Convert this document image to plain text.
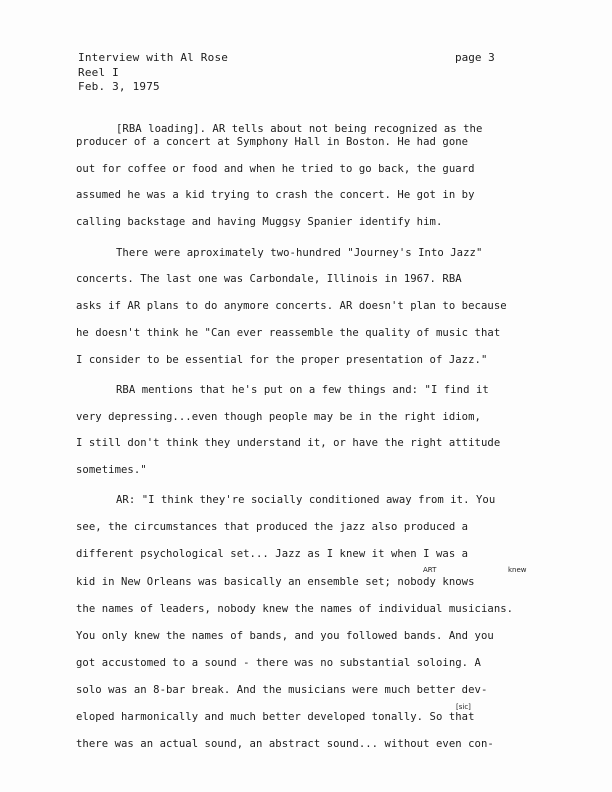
Interview with Al Rose
Reel I
Feb. 3, 1975
page 3
[RBA loading]. AR tells about not being recognized as the
producer of a concert at Symphony Hall in Boston. He had gone
out for coffee or food and when he tried to go back, the guard
assumed he was a kid trying to crash the concert. He got in by
calling backstage and having Muggsy Spanier identify him.
There were aproximately two-hundred "Journey's Into Jazz"
concerts. The last one was Carbondale, Illinois in 1967. RBA
asks if AR plans to do anymore concerts. AR doesn't plan to because
he doesn't think he "Can ever reassemble the quality of music that
I consider to be essential for the proper presentation of Jazz."
RBA mentions that he's put on a few things and: "I find it
very depressing...even though people may be in the right idiom,
I still don't think they understand it, or have the right attitude
sometimes."
AR: "I think they're socially conditioned away from it. You
see, the circumstances that produced the jazz also produced a
different psychological set... Jazz as I knew it when I was a
kid in New Orleans was basically an ensemble set; nobody knows
the names of leaders, nobody knew the names of individual musicians.
You only knew the names of bands, and you followed bands. And you
got accustomed to a sound - there was no substantial soloing. A
solo was an 8-bar break. And the musicians were much better dev-
eloped harmonically and much better developed tonally. So that
there was an actual sound, an abstract sound... without even con-
ART	knew
[sic]
